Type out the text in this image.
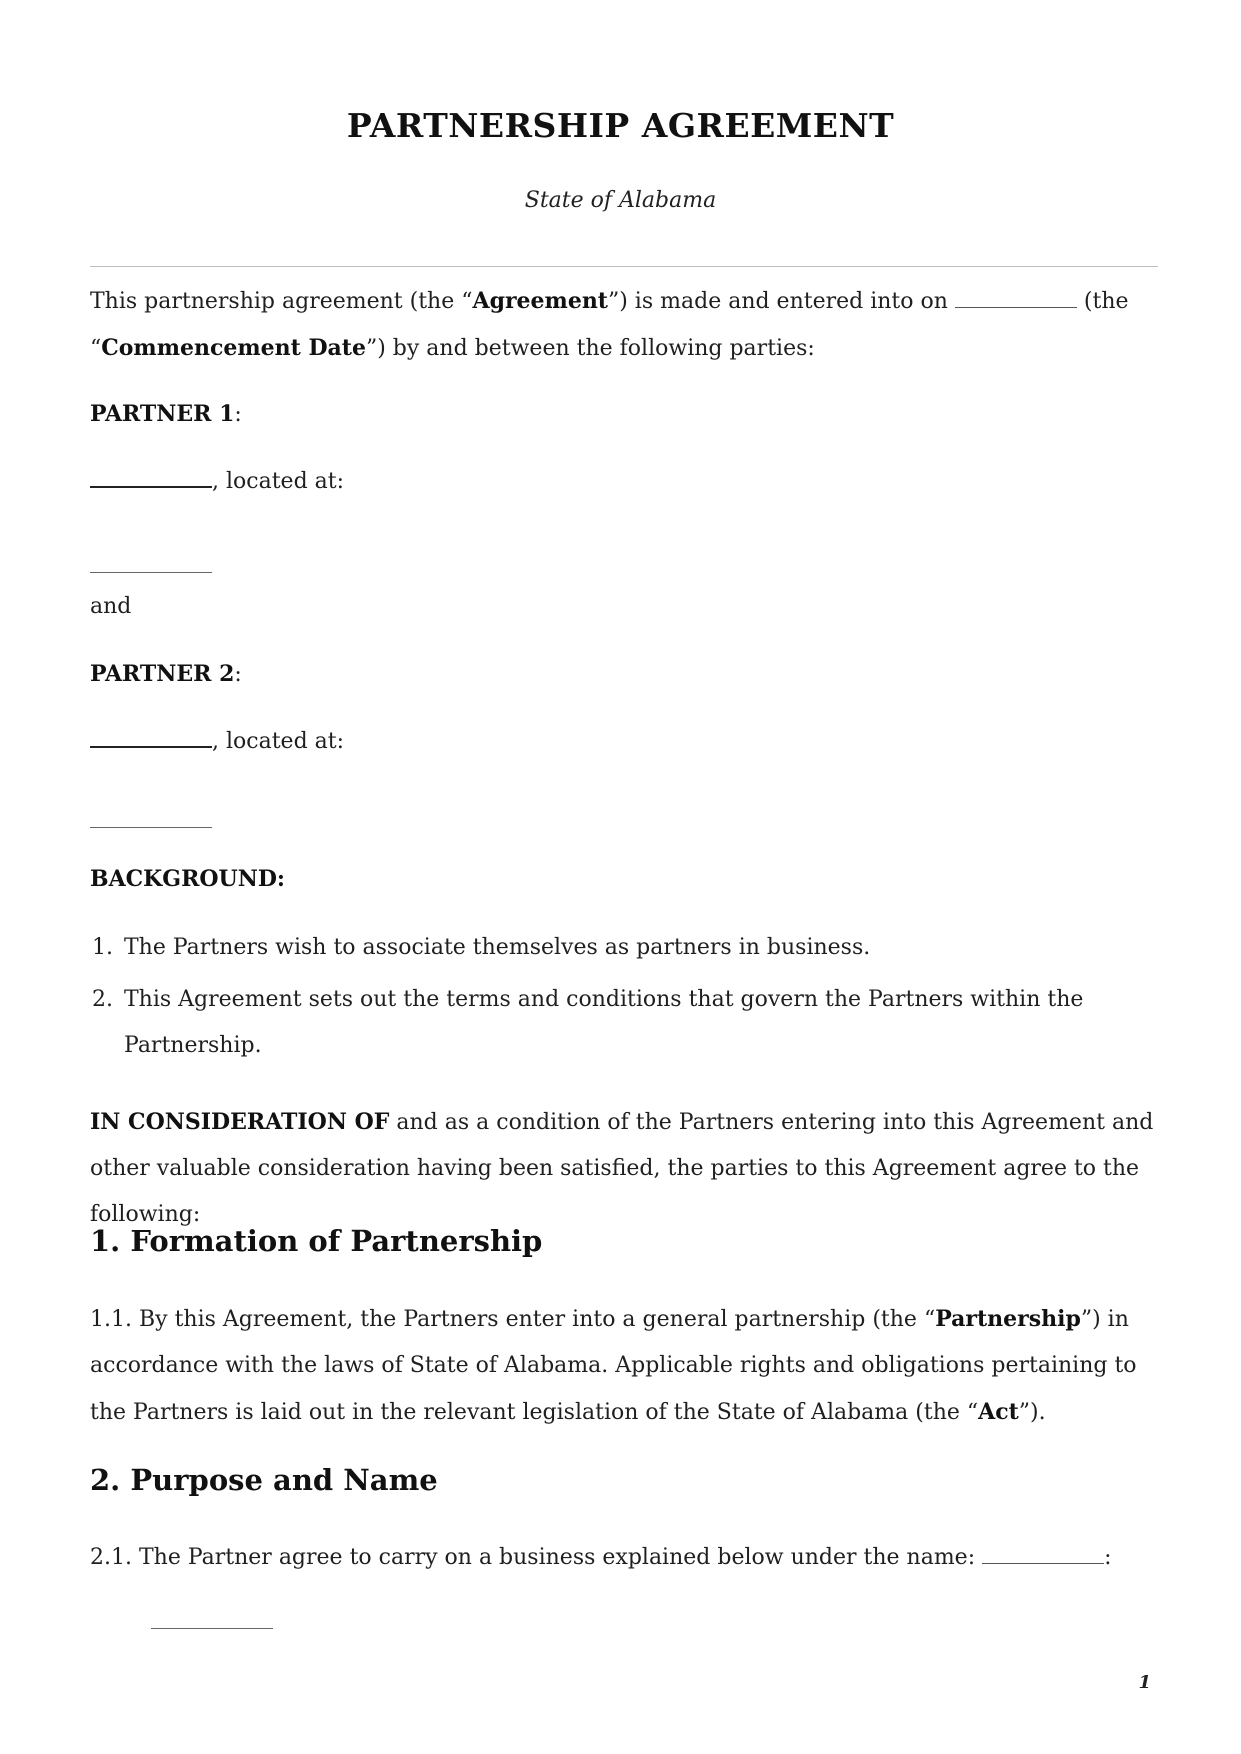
PARTNERSHIP AGREEMENT
State of Alabama

This partnership agreement (the “Agreement”) is made and entered into on	(the
“Commencement Date”) by and between the following parties:

PARTNER 1:

, located at:

and

PARTNER 2:

, located at:

BACKGROUND:

1. The Partners wish to associate themselves as partners in business.
2. This Agreement sets out the terms and conditions that govern the Partners within the Partnership.

IN CONSIDERATION OF and as a condition of the Partners entering into this Agreement and other valuable consideration having been satisfied, the parties to this Agreement agree to the following:

1. Formation of Partnership

1.1. By this Agreement, the Partners enter into a general partnership (the “Partnership”) in accordance with the laws of State of Alabama. Applicable rights and obligations pertaining to the Partners is laid out in the relevant legislation of the State of Alabama (the “Act”).

2. Purpose and Name

2.1. The Partner agree to carry on a business explained below under the name:	:

1
